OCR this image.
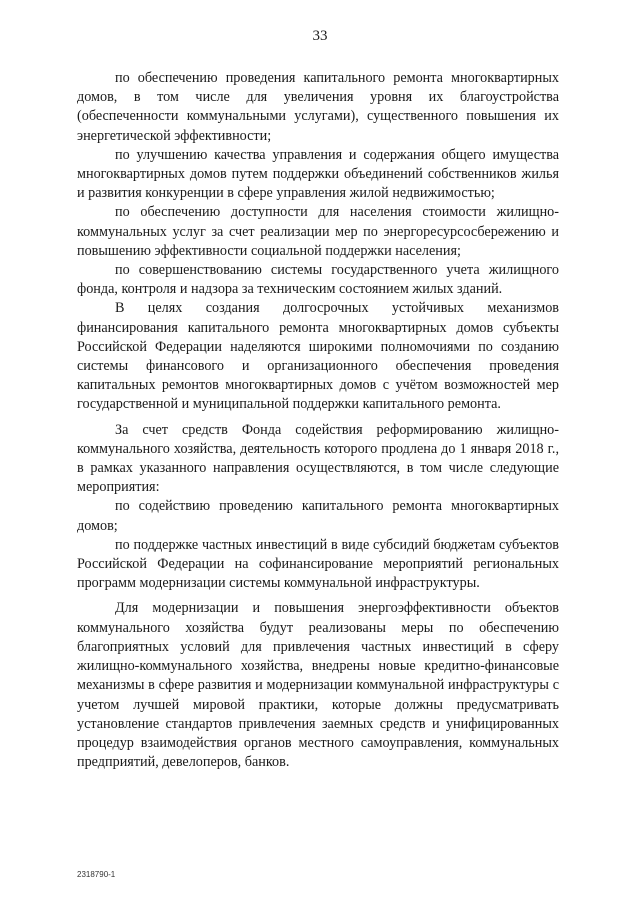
33

по обеспечению проведения капитального ремонта многоквартирных домов, в том числе для увеличения уровня их благоустройства (обеспеченности коммунальными услугами), существенного повышения их энергетической эффективности;

по улучшению качества управления и содержания общего имущества многоквартирных домов путем поддержки объединений собственников жилья и развития конкуренции в сфере управления жилой недвижимостью;

по обеспечению доступности для населения стоимости жилищно-коммунальных услуг за счет реализации мер по энергоресурсосбережению и повышению эффективности социальной поддержки населения;

по совершенствованию системы государственного учета жилищного фонда, контроля и надзора за техническим состоянием жилых зданий.

В целях создания долгосрочных устойчивых механизмов финансирования капитального ремонта многоквартирных домов субъекты Российской Федерации наделяются широкими полномочиями по созданию системы финансового и организационного обеспечения проведения капитальных ремонтов многоквартирных домов с учётом возможностей мер государственной и муниципальной поддержки капитального ремонта.

За счет средств Фонда содействия реформированию жилищно-коммунального хозяйства, деятельность которого продлена до 1 января 2018 г., в рамках указанного направления осуществляются, в том числе следующие мероприятия:

по содействию проведению капитального ремонта многоквартирных домов;

по поддержке частных инвестиций в виде субсидий бюджетам субъектов Российской Федерации на софинансирование мероприятий региональных программ модернизации системы коммунальной инфраструктуры.

Для модернизации и повышения энергоэффективности объектов коммунального хозяйства будут реализованы меры по обеспечению благоприятных условий для привлечения частных инвестиций в сферу жилищно-коммунального хозяйства, внедрены новые кредитно-финансовые механизмы в сфере развития и модернизации коммунальной инфраструктуры с учетом лучшей мировой практики, которые должны предусматривать установление стандартов привлечения заемных средств и унифицированных процедур взаимодействия органов местного самоуправления, коммунальных предприятий, девелоперов, банков.

2318790-1
